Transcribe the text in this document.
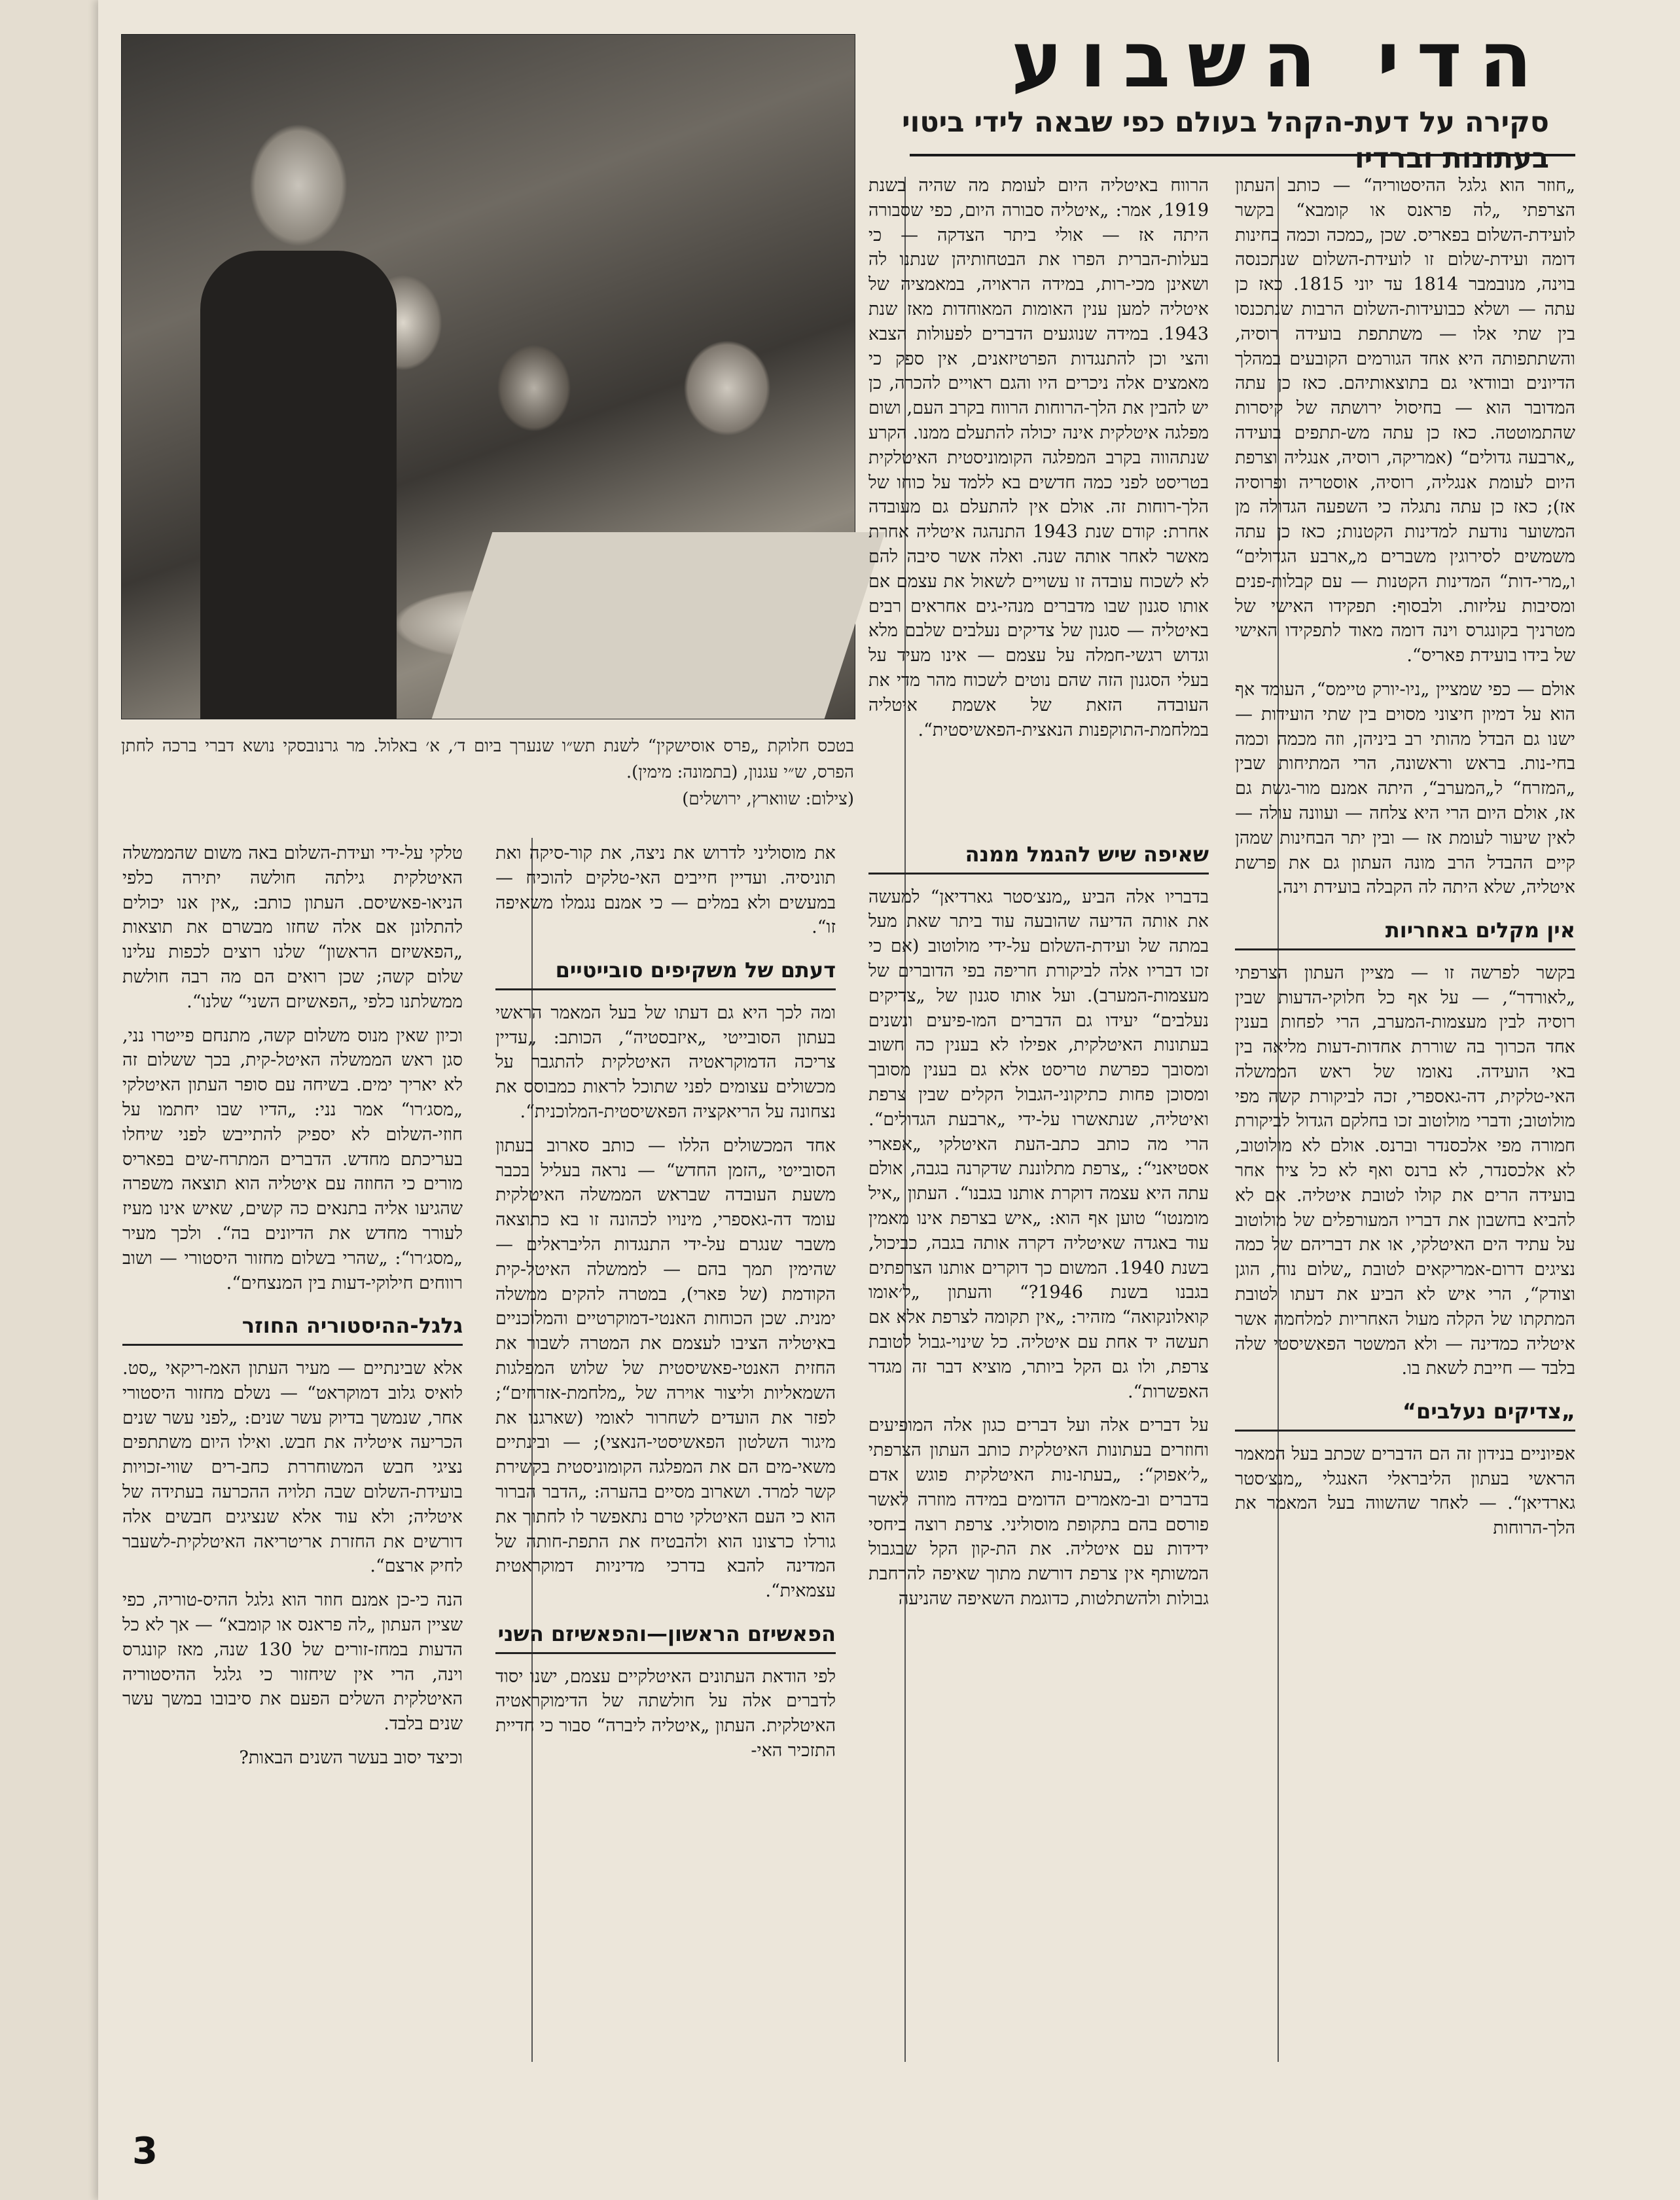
הדי השבוע
סקירה על דעת-הקהל בעולם כפי שבאה לידי ביטוי בעתונות וברדיו
בטכס חלוקת „פרס אוסישקין“ לשנת תש״ו שנערך ביום ד׳, א׳ באלול. מר גרנובסקי נושא דברי ברכה לחתן הפרס, ש״י עגנון, (בתמונה: מימין).
(צילום: שווארץ, ירושלים)

„חוזר הוא גלגל ההיסטוריה“ — כותב העתון הצרפתי „לה פראנס או קומבא“ בקשר לועידת-השלום בפאריס. שכן „כמכה וכמה בחינות דומה ועידת-שלום זו לועידת-השלום שנתכנסה בוינה, מנובמבר 1814 עד יוני 1815. כאז כן עתה — ושלא כבועידות-השלום הרבות שנתכנסו בין שתי אלו — משתתפת בועידה רוסיה, והשתתפותה היא אחד הגורמים הקובעים במהלך הדיונים ובוודאי גם בתוצאותיהם. כאז כן עתה המדובר הוא — בחיסול ירושתה של קיסרות שהתמוטטה. כאז כן עתה מש-תתפים בועידה „ארבעה גדולים“ (אמריקה, רוסיה, אנגליה וצרפת היום לעומת אנגליה, רוסיה, אוסטריה ופרוסיה אז); כאז כן עתה נתגלה כי השפעה הגדולה מן המשוער נודעת למדינות הקטנות; כאז כן עתה משמשים לסירוגין משברים מ„ארבע הגדולים“ ו„מרי-דות“ המדינות הקטנות — עם קבלות-פנים ומסיבות עליזות. ולבסוף: תפקידו האישי של מטרניך בקונגרס וינה דומה מאוד לתפקידו האישי של בידו בועידת פאריס“.

אולם — כפי שמציין „ניו-יורק טיימס“, העומד אף הוא על דמיון חיצוני מסוים בין שתי הועידות — ישנו גם הבדל מהותי רב ביניהן, וזה מכמה וכמה בחי-נות. בראש וראשונה, הרי המתיחות שבין „המזרח“ ל„המערב“, היתה אמנם מור-גשת גם אז, אולם היום הרי היא צלחה — ועוונה עולה — לאין שיעור לעומת אז — ובין יתר הבחינות שמהן קיים ההבדל הרב מונה העתון גם את פרשת איטליה, שלא היתה לה הקבלה בועידת וינה.

אין מקלים באחריות

בקשר לפרשה זו — מציין העתון הצרפתי „לאורדר“, — על אף כל חלוקי-הדעות שבין רוסיה לבין מעצמות-המערב, הרי לפחות בענין אחד הכרוך בה שוררת אחדות-דעות מליאה בין באי הועידה. נאומו של ראש הממשלה האי-טלקית, דה-גאספרי, זכה לביקורת קשה מפי מולוטוב; ודברי מולוטוב זכו בחלקם הגדול לביקורת חמורה מפי אלכסנדר וברנס. אולם לא מולוטוב, לא אלכסנדר, לא ברנס ואף לא כל ציר אחר בועידה הרים את קולו לטובת איטליה. אם לא להביא בחשבון את דבריו המעורפלים של מולוטוב על עתיד הים האיטלקי, או את דבריהם של כמה נציגים דרום-אמריקאים לטובת „שלום נוח, הוגן וצודק“, הרי איש לא הביע את דעתו לטובת המתקתו של הקלה מעול האחריות למלחמה אשר איטליה כמדינה — ולא המשטר הפאשיסטי שלה בלבד — חייבת לשאת בו.

„צדיקים נעלבים“

אפיוניים בנידון זה הם הדברים שכתב בעל המאמר הראשי בעתון הליבראלי האנגלי „מנצ׳סטר גארדיאן“. — לאחר שהשווה בעל המאמר את הלך-הרוחות

הרווח באיטליה היום לעומת מה שהיה בשנת 1919, אמר: „איטליה סבורה היום, כפי שסבורה היתה אז — אולי ביתר הצדקה — כי בעלות-הברית הפרו את הבטחותיהן שנתנו לה ושאינן מכי-רות, במידה הראויה, במאמציה של איטליה למען ענין האומות המאוחדות מאז שנת 1943. במידה שנוגעים הדברים לפעולות הצבא והצי וכן להתנגדות הפרטיזאנים, אין ספק כי מאמצים אלה ניכרים היו והגם ראויים להכרה, כן יש להבין את הלך-הרוחות הרווח בקרב העם, ושום מפלגה איטלקית אינה יכולה להתעלם ממנו. הקרע שנתהווה בקרב המפלגה הקומוניסטית האיטלקית בטריסט לפני כמה חדשים בא ללמד על כוחו של הלך-רוחות זה. אולם אין להתעלם גם מעובדה אחרת: קודם שנת 1943 התנהגה איטליה אחרת מאשר לאחר אותה שנה. ואלה אשר סיבה להם לא לשכוח עובדה זו עשויים לשאול את עצמם אם אותו סגנון שבו מדברים מנהי-גים אחראים רבים באיטליה — סגנון של צדיקים נעלבים שלבם מלא וגדוש רגשי-חמלה על עצמם — אינו מעיד על בעלי הסגנון הזה שהם נוטים לשכוח מהר מדי את העובדה הזאת של אשמת איטליה במלחמת-התוקפנות הנאצית-הפאשיסטית“.

שאיפה שיש להגמל ממנה

בדבריו אלה הביע „מנצ׳סטר גארדיאן“ למעשה את אותה הדיעה שהובעה עוד ביתר שאת מעל במתה של ועידת-השלום על-ידי מולוטוב (אם כי זכו דבריו אלה לביקורת חריפה בפי הדוברים של מעצמות-המערב). ועל אותו סגנון של „צדיקים נעלבים“ יעידו גם הדברים המו-פיעים ונשנים בעתונות האיטלקית, אפילו לא בענין כה חשוב ומסובך כפרשת טריסט אלא גם בענין מסובך ומסוכן פחות כתיקוני-הגבול הקלים שבין צרפת ואיטליה, שנתאשרו על-ידי „ארבעת הגדולים“. הרי מה כותב כתב-העת האיטלקי „אפארי אסטיאני“: „צרפת מתלוננת שדקרנה בגבה, אולם עתה היא עצמה דוקרת אותנו בגבנו“. העתון „איל מומנטו“ טוען אף הוא: „איש בצרפת אינו מאמין עוד באגדה שאיטליה דקרה אותה בגבה, כביכול, בשנת 1940. המשום כך דוקרים אותנו הצרפתים בגבנו בשנת 1946?“ והעתון „ל׳אומו קואלונקואה“ מזהיר: „אין תקומה לצרפת אלא אם תעשה יד אחת עם איטליה. כל שינוי-גבול לטובת צרפת, ולו גם הקל ביותר, מוציא דבר זה מגדר האפשרות“.

על דברים אלה ועל דברים כגון אלה המופיעים וחוזרים בעתונות האיטלקית כותב העתון הצרפתי „ל׳אפוק“: „בעתו-נות האיטלקית פוגש אדם בדברים וב-מאמרים הדומים במידה מוזרה לאשר פורסם בהם בתקופת מוסוליני. צרפת רוצה ביחסי ידידות עם איטליה. את הת-קון הקל שבגבול המשותף אין צרפת דורשת מתוך שאיפה להרחבת גבולות ולהשתלטות, כדוגמת השאיפה שהניעה

את מוסוליני לדרוש את ניצה, את קור-סיקה ואת תוניסיה. ועדיין חייבים האי-טלקים להוכיח — במעשים ולא במלים — כי אמנם נגמלו משאיפה זו“.

דעתם של משקיפים סובייטיים

ומה לכך היא גם דעתו של בעל המאמר הראשי בעתון הסובייטי „איזבסטיה“, הכותב: „עדיין צריכה הדמוקראטיה האיטלקית להתגבר על מכשולים עצומים לפני שתוכל לראות כמבוסס את נצחונה על הריאקציה הפאשיסטית-המלוכנית“.

אחד המכשולים הללו — כותב סארוב בעתון הסובייטי „הזמן החדש“ — נראה בעליל בכבר משעת העובדה שבראש הממשלה האיטלקית עומד דה-גאספרי, מינויו לכהונה זו בא כתוצאה משבר שנגרם על-ידי התנגדות הליבראלים — שהימין תמך בהם — לממשלה האיטל-קית הקודמת (של פארי), במטרה להקים ממשלה ימנית. שכן הכוחות האנטי-דמוקרטיים והמלוכניים באיטליה הציבו לעצמם את המטרה לשבור את החזית האנטי-פאשיסטית של שלוש המפלגות השמאליות וליצור אוירה של „מלחמת-אזרחים“; לפזר את הועדים לשחרור לאומי (שארגנו את מיגור השלטון הפאשיסטי-הנאצי); — ובינתיים משאי-מים הם את המפלגה הקומוניסטית בקשירת קשר למרד. ושארוב מסיים בהערה: „הדבר הברור הוא כי העם האיטלקי טרם נתאפשר לו לחתוך את גורלו כרצונו הוא ולהבטיח את התפת-חותה של המדינה להבא בדרכי מדיניות דמוקראטית עצמאית“.

הפאשיזם הראשון—והפאשיזם השני

לפי הודאת העתונים האיטלקיים עצמם, ישנו יסוד לדברים אלה על חולשתה של הדימוקראטיה האיטלקית. העתון „איטליה ליברה“ סבור כי חדיית התזכיר האי-

טלקי על-ידי ועידת-השלום באה משום שהממשלה האיטלקית גילתה חולשה יתירה כלפי הניאו-פאשיסם. העתון כותב: „אין אנו יכולים להתלונן אם אלה שחזו מבשרם את תוצאות „הפאשיזם הראשון“ שלנו רוצים לכפות עלינו שלום קשה; שכן רואים הם מה רבה חולשת ממשלתנו כלפי „הפאשיזם השני“ שלנו“.

וכיון שאין מנוס משלום קשה, מתנחם פייטרו נני, סגן ראש הממשלה האיטל-קית, בכך ששלום זה לא יאריך ימים. בשיחה עם סופר העתון האיטלקי „מסג׳רו“ אמר נני: „הדיו שבו יחתמו על חוזי-השלום לא יספיק להתייבש לפני שיחלו בעריכתם מחדש. הדברים המתרח-שים בפאריס מורים כי החוזה עם איטליה הוא תוצאה משפרה שהגיעו אליה בתנאים כה קשים, שאיש אינו מעיז לעורר מחדש את הדיונים בה“. ולכך מעיר „מסג׳רו“: „שהרי בשלום מחזור היסטורי — ושוב רווחים חילוקי-דעות בין המנצחים“.

גלגל-ההיסטוריה החוזר

אלא שבינתיים — מעיר העתון האמ-ריקאי „סט. לואיס גלוב דמוקראט“ — נשלם מחזור היסטורי אחר, שנמשך בדיוק עשר שנים: „לפני עשר שנים הכריעה איטליה את חבש. ואילו היום משתתפים נציגי חבש המשוחררת כחב-רים שווי-זכויות בועידת-השלום שבה תלויה ההכרעה בעתידה של איטליה; ולא עוד אלא שנציגים חבשים אלה דורשים את החזרת אריטריאה האיטלקית-לשעבר לחיק ארצם“.

הנה כי-כן אמנם חוזר הוא גלגל ההיס-טוריה, כפי שציין העתון „לה פראנס או קומבא“ — אך לא כל הדעות במחז-זורים של 130 שנה, מאז קונגרס וינה, הרי אין שיחזור כי גלגל ההיסטוריה האיטלקית השלים הפעם את סיבובו במשך עשר שנים בלבד.

וכיצד יסוב בעשר השנים הבאות?

3
